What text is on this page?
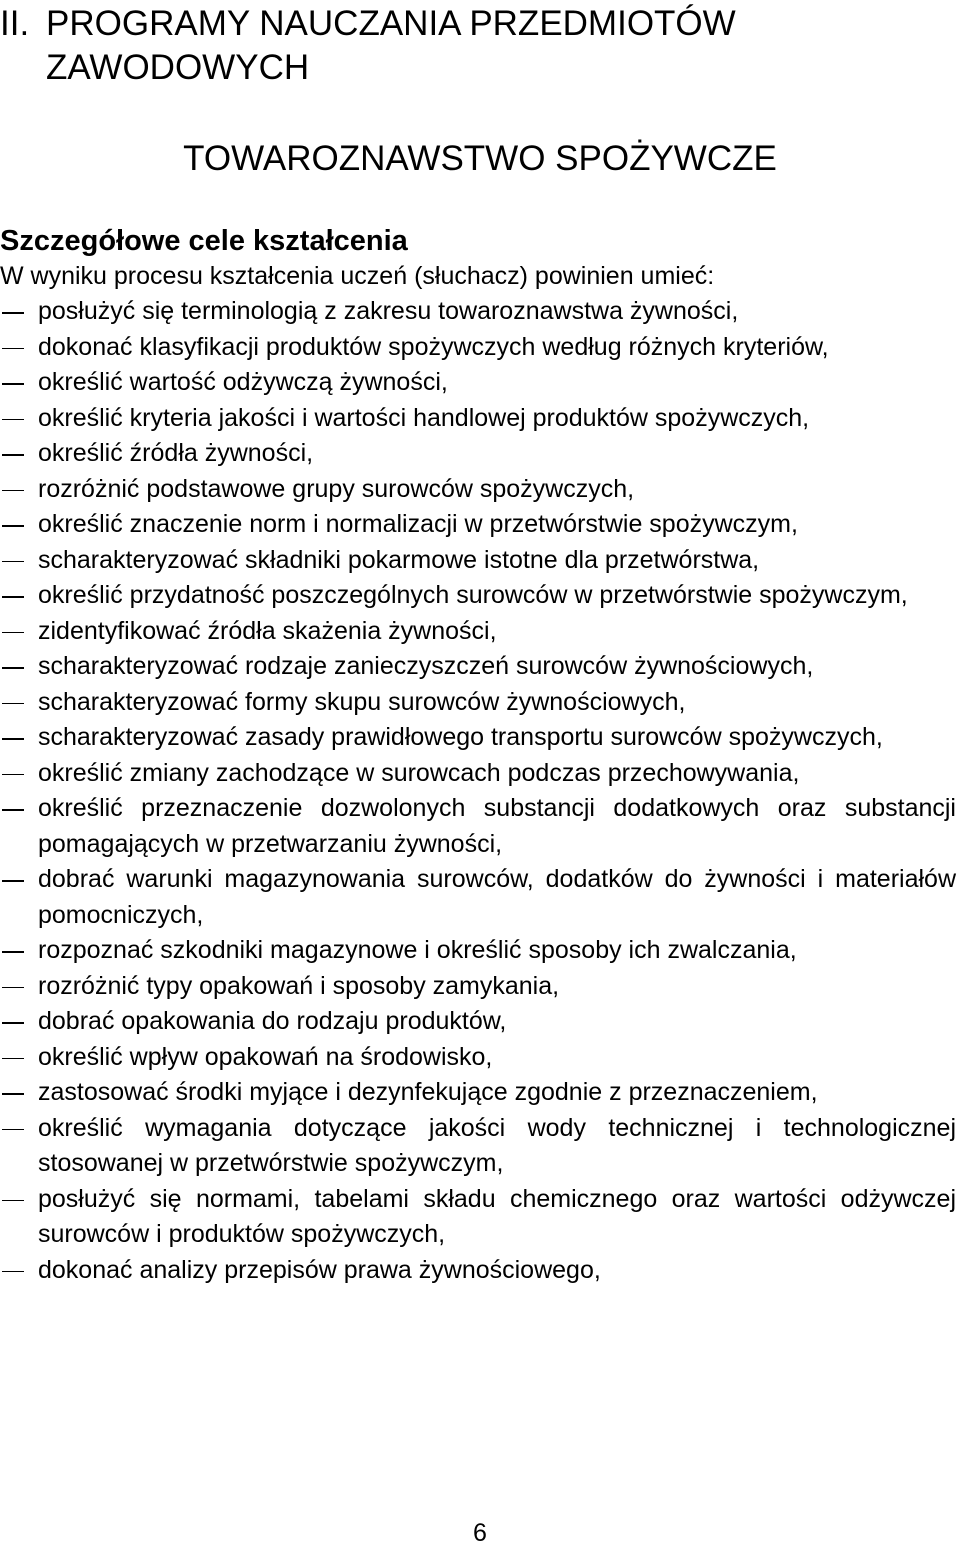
II. PROGRAMY NAUCZANIA PRZEDMIOTÓW ZAWODOWYCH
TOWAROZNAWSTWO SPOŻYWCZE
Szczegółowe cele kształcenia

W wyniku procesu kształcenia uczeń (słuchacz) powinien umieć:

posłużyć się terminologią z zakresu towaroznawstwa żywności,
dokonać klasyfikacji produktów spożywczych według różnych kryteriów,
określić wartość odżywczą żywności,
określić kryteria jakości i wartości handlowej produktów spożywczych,
określić źródła żywności,
rozróżnić podstawowe grupy surowców spożywczych,
określić znaczenie norm i normalizacji w przetwórstwie spożywczym,
scharakteryzować składniki pokarmowe istotne dla przetwórstwa,
określić przydatność poszczególnych surowców w przetwórstwie spożywczym,
zidentyfikować źródła skażenia żywności,
scharakteryzować rodzaje zanieczyszczeń surowców żywnościowych,
scharakteryzować formy skupu surowców żywnościowych,
scharakteryzować zasady prawidłowego transportu surowców spożywczych,
określić zmiany zachodzące w surowcach podczas przechowywania,
określić przeznaczenie dozwolonych substancji dodatkowych oraz substancji pomagających w przetwarzaniu żywności,
dobrać warunki magazynowania surowców, dodatków do żywności i materiałów pomocniczych,
rozpoznać szkodniki magazynowe i określić sposoby ich zwalczania,
rozróżnić typy opakowań i sposoby zamykania,
dobrać opakowania do rodzaju produktów,
określić wpływ opakowań na środowisko,
zastosować środki myjące i dezynfekujące zgodnie z przeznaczeniem,
określić wymagania dotyczące jakości wody technicznej i technologicznej stosowanej w przetwórstwie spożywczym,
posłużyć się normami, tabelami składu chemicznego oraz wartości odżywczej surowców i produktów spożywczych,
dokonać analizy przepisów prawa żywnościowego,
6
